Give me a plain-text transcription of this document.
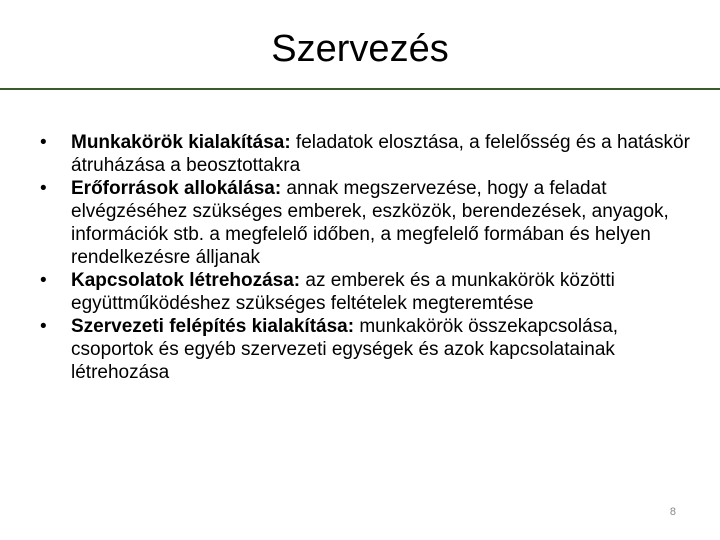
Szervezés
•	Munkakörök kialakítása: feladatok elosztása, a felelősség és a hatáskör átruházása a beosztottakra
•	Erőforrások allokálása: annak megszervezése, hogy a feladat elvégzéséhez szükséges emberek, eszközök, berendezések, anyagok, információk stb. a megfelelő időben, a megfelelő formában és helyen rendelkezésre álljanak
•	Kapcsolatok létrehozása: az emberek és a munkakörök közötti együttműködéshez szükséges feltételek megteremtése
•	Szervezeti felépítés kialakítása: munkakörök összekapcsolása, csoportok és egyéb szervezeti egységek és azok kapcsolatainak létrehozása
8
